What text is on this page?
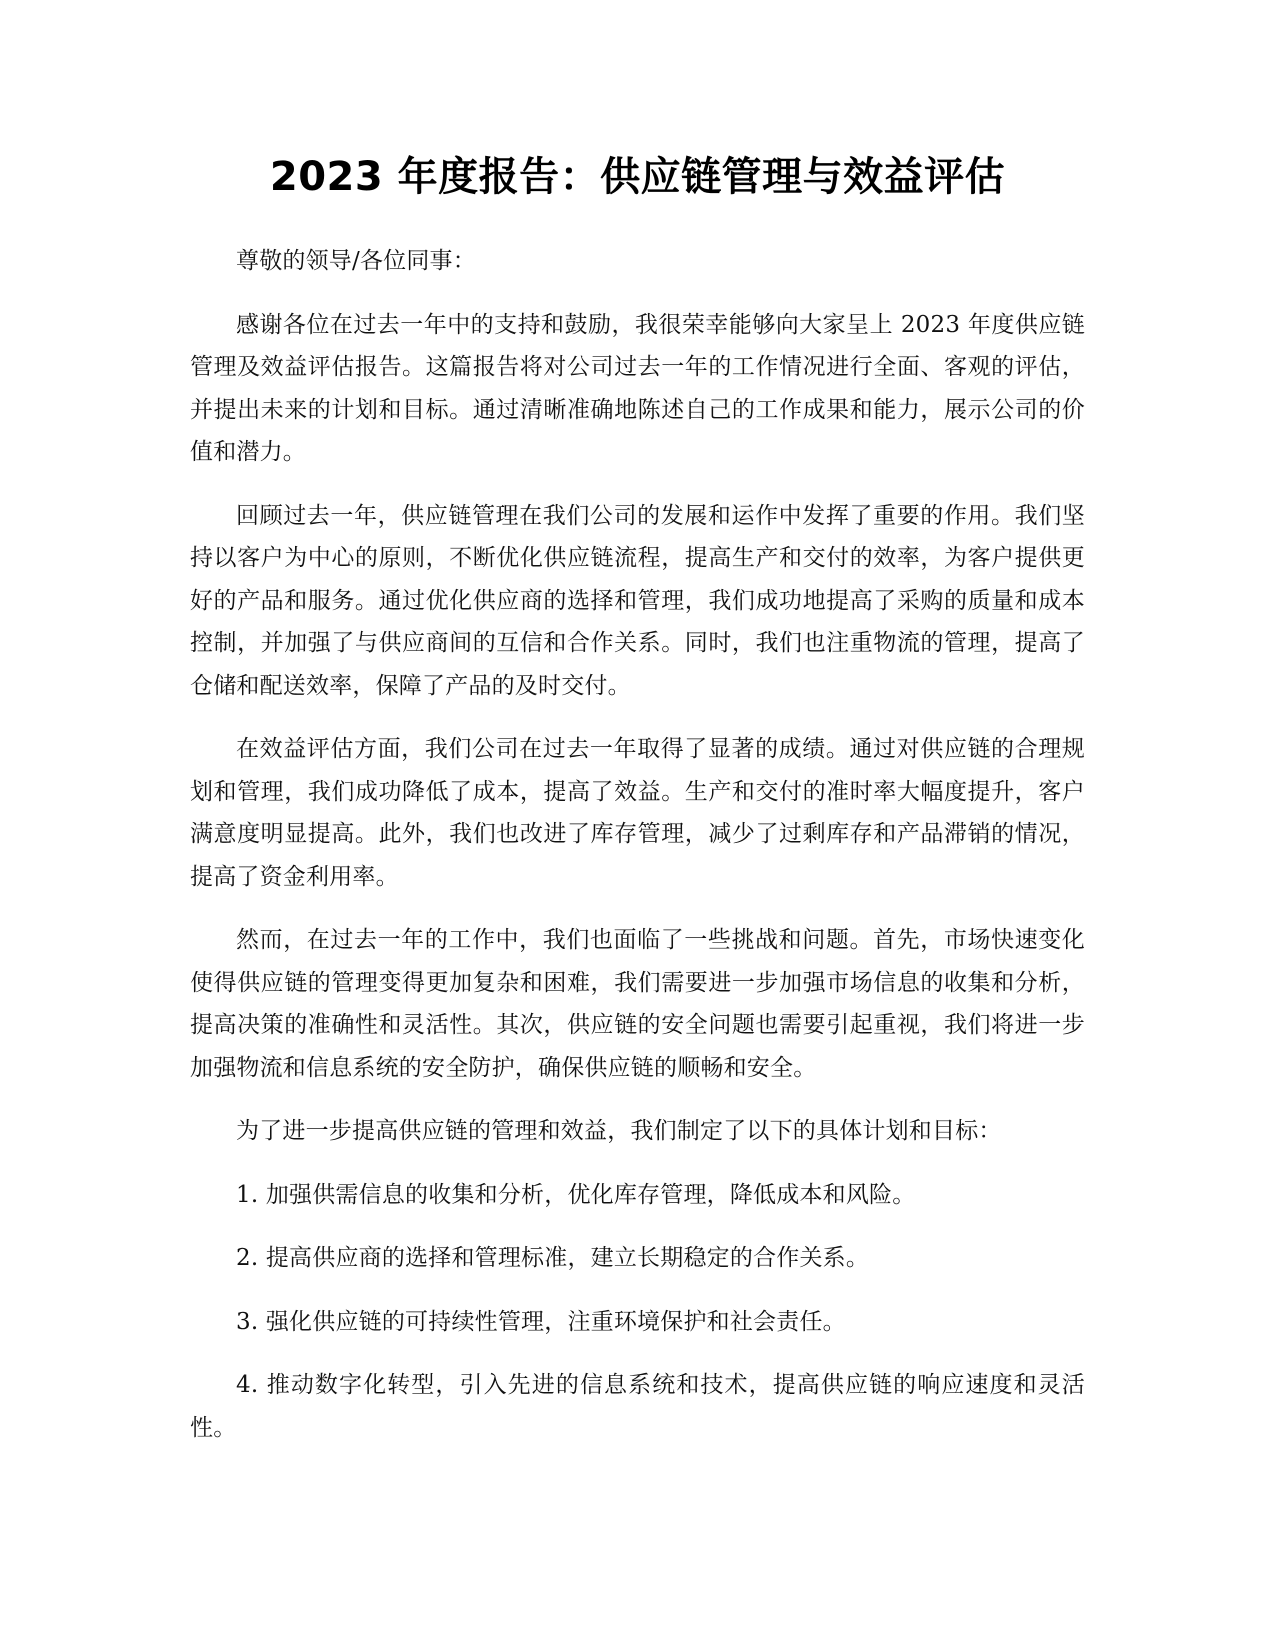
2023 年度报告：供应链管理与效益评估

尊敬的领导/各位同事：

感谢各位在过去一年中的支持和鼓励，我很荣幸能够向大家呈上 2023 年度供应链管理及效益评估报告。这篇报告将对公司过去一年的工作情况进行全面、客观的评估，并提出未来的计划和目标。通过清晰准确地陈述自己的工作成果和能力，展示公司的价值和潜力。

回顾过去一年，供应链管理在我们公司的发展和运作中发挥了重要的作用。我们坚持以客户为中心的原则，不断优化供应链流程，提高生产和交付的效率，为客户提供更好的产品和服务。通过优化供应商的选择和管理，我们成功地提高了采购的质量和成本控制，并加强了与供应商间的互信和合作关系。同时，我们也注重物流的管理，提高了仓储和配送效率，保障了产品的及时交付。

在效益评估方面，我们公司在过去一年取得了显著的成绩。通过对供应链的合理规划和管理，我们成功降低了成本，提高了效益。生产和交付的准时率大幅度提升，客户满意度明显提高。此外，我们也改进了库存管理，减少了过剩库存和产品滞销的情况，提高了资金利用率。

然而，在过去一年的工作中，我们也面临了一些挑战和问题。首先，市场快速变化使得供应链的管理变得更加复杂和困难，我们需要进一步加强市场信息的收集和分析，提高决策的准确性和灵活性。其次，供应链的安全问题也需要引起重视，我们将进一步加强物流和信息系统的安全防护，确保供应链的顺畅和安全。

为了进一步提高供应链的管理和效益，我们制定了以下的具体计划和目标：

1. 加强供需信息的收集和分析，优化库存管理，降低成本和风险。

2. 提高供应商的选择和管理标准，建立长期稳定的合作关系。

3. 强化供应链的可持续性管理，注重环境保护和社会责任。

4. 推动数字化转型，引入先进的信息系统和技术，提高供应链的响应速度和灵活性。
